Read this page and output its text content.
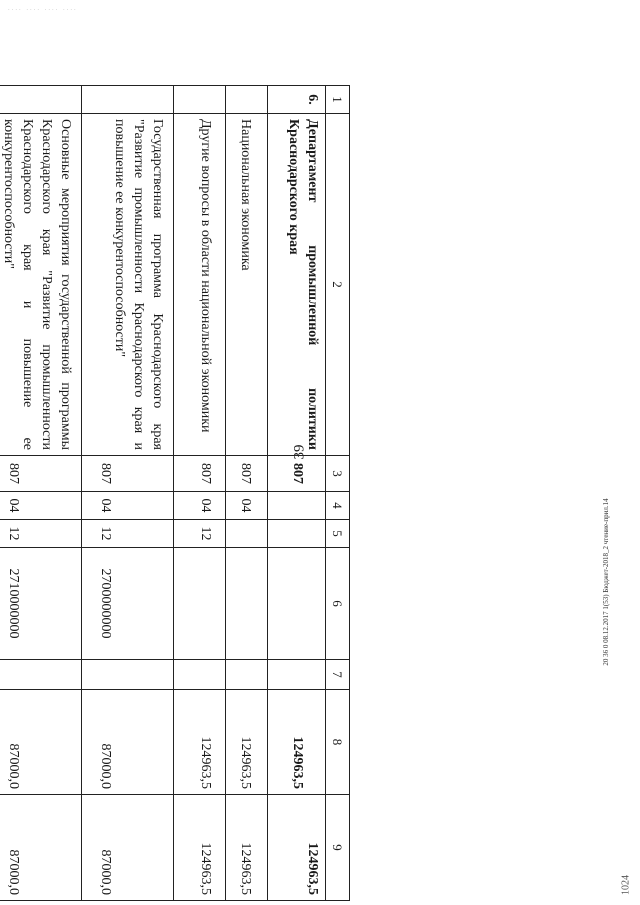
.... .... .... ....
39
20 36 0 08.12.2017 1(53) Бюджет-2018_2 чтение-прил.14
1024
1	2	3	4	5	6	7	8	9
6.	Департамент промышленной политики Краснодарского края	807					124963,5	124963,5
	Национальная экономика	807	04				124963,5	124963,5
	Другие вопросы в области национальной экономики	807	04	12			124963,5	124963,5
	Государственная программа Краснодарского края "Развитие промышленности Краснодарского края и повышение ее конкурентоспособности"	807	04	12	2700000000		87000,0	87000,0
	Основные мероприятия государственной программы Краснодарского края "Развитие промышленности Краснодарского края и повышение ее конкурентоспособности"	807	04	12	2710000000		87000,0	87000,0
